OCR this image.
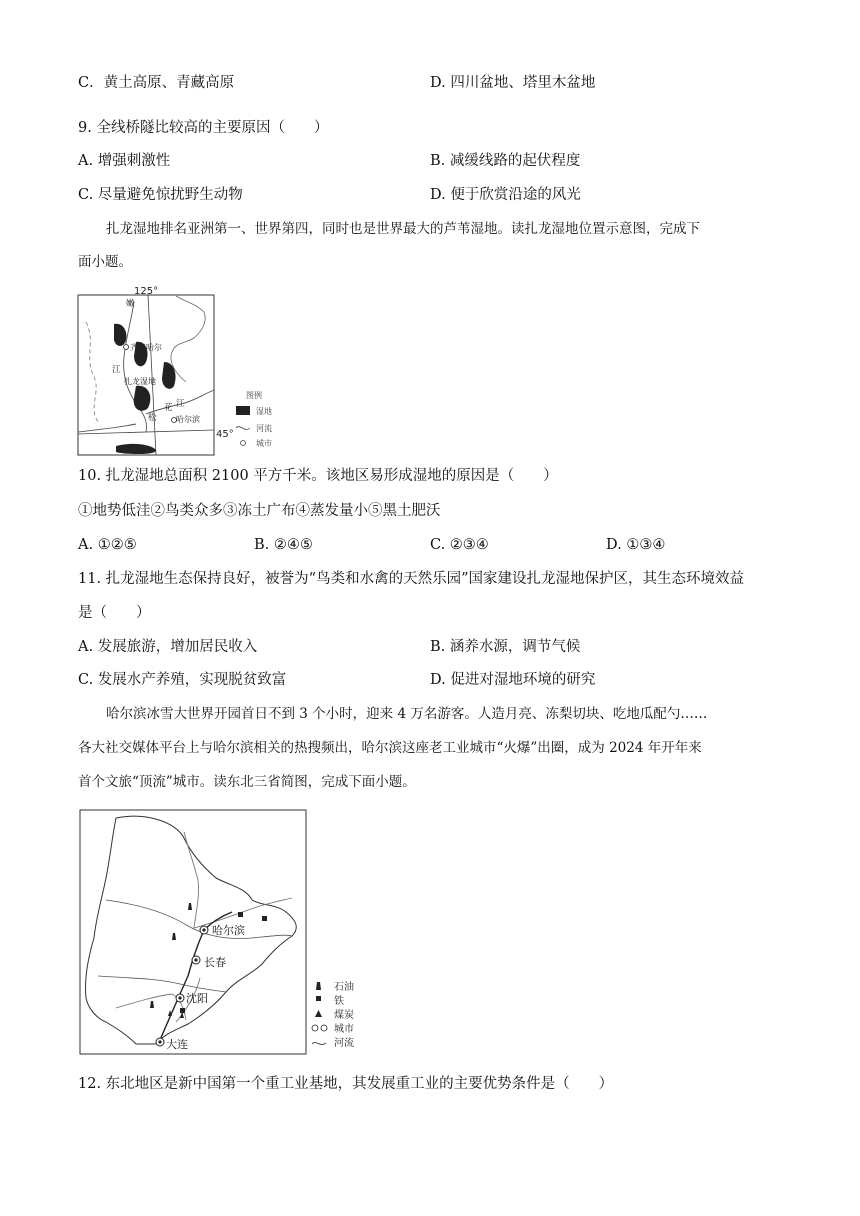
C．黄土高原、青藏高原	D. 四川盆地、塔里木盆地
9. 全线桥隧比较高的主要原因（　　）
A. 增强刺激性	B. 减缓线路的起伏程度
C. 尽量避免惊扰野生动物	D. 便于欣赏沿途的风光
扎龙湿地排名亚洲第一、世界第四，同时也是世界最大的芦苇湿地。读扎龙湿地位置示意图，完成下
面小题。
125°
45°
嫩
齐齐哈尔
江
扎龙湿地
松
花 江
哈尔滨
图例
湿地
河流
城市
10. 扎龙湿地总面积 2100 平方千米。该地区易形成湿地的原因是（　　）
①地势低洼②鸟类众多③冻土广布④蒸发量小⑤黑土肥沃
A. ①②⑤	B. ②④⑤	C. ②③④	D. ①③④
11. 扎龙湿地生态保持良好，被誉为“鸟类和水禽的天然乐园”国家建设扎龙湿地保护区，其生态环境效益
是（　　）
A. 发展旅游，增加居民收入	B. 涵养水源，调节气候
C. 发展水产养殖，实现脱贫致富	D. 促进对湿地环境的研究
哈尔滨冰雪大世界开园首日不到 3 个小时，迎来 4 万名游客。人造月亮、冻梨切块、吃地瓜配勺……
各大社交媒体平台上与哈尔滨相关的热搜频出，哈尔滨这座老工业城市“火爆”出圈，成为 2024 年开年来
首个文旅“顶流”城市。读东北三省简图，完成下面小题。
哈尔滨
长春
沈阳
大连
石油
铁
煤炭
城市
河流
12. 东北地区是新中国第一个重工业基地，其发展重工业的主要优势条件是（　　）
